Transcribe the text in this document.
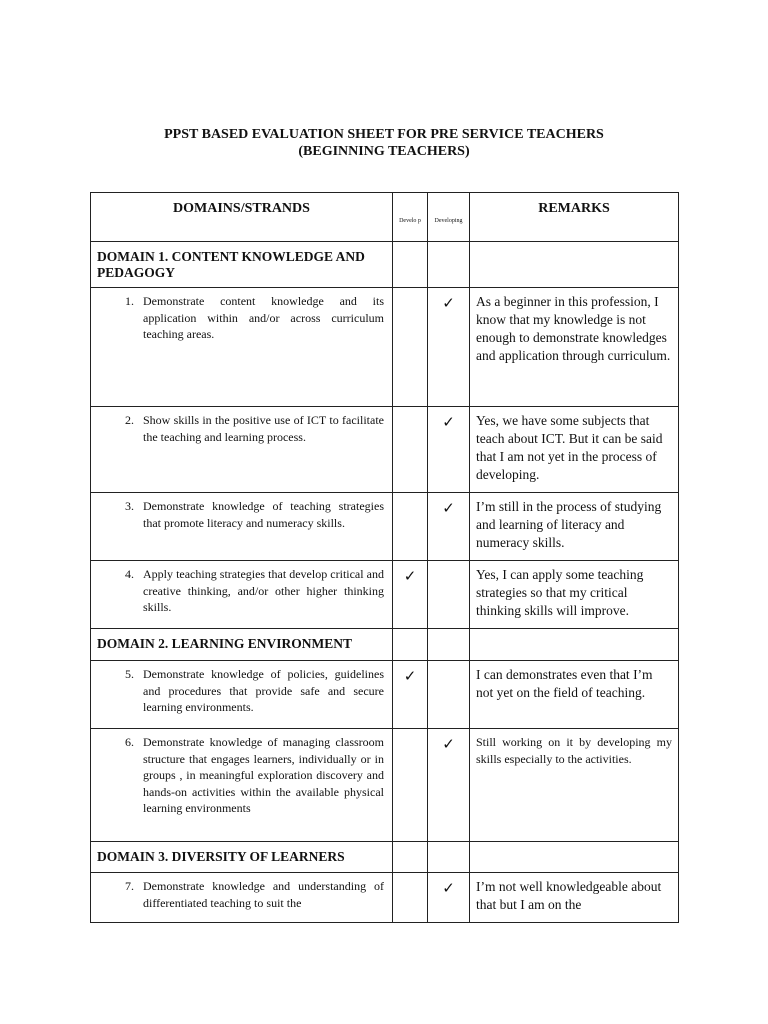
PPST BASED EVALUATION SHEET FOR PRE SERVICE TEACHERS
(BEGINNING TEACHERS)
DOMAINS/STRANDS	Develo p	Developing	REMARKS
DOMAIN 1. CONTENT KNOWLEDGE AND PEDAGOGY			

1. Demonstrate content knowledge and its application within and/or across curriculum teaching areas.		✓	As a beginner in this profession, I know that my knowledge is not enough to demonstrate knowledges and application through curriculum.

2. Show skills in the positive use of ICT to facilitate the teaching and learning process.		✓	Yes, we have some subjects that teach about ICT. But it can be said that I am not yet in the process of developing.

3. Demonstrate knowledge of teaching strategies that promote literacy and numeracy skills.		✓	I’m still in the process of studying and learning of literacy and numeracy skills.

4. Apply teaching strategies that develop critical and creative thinking, and/or other higher thinking skills.	✓		Yes, I can apply some teaching strategies so that my critical thinking skills will improve.
DOMAIN 2. LEARNING ENVIRONMENT			

5. Demonstrate knowledge of policies, guidelines and procedures that provide safe and secure learning environments.	✓		I can demonstrates even that I’m not yet on the field of teaching.

6. Demonstrate knowledge of managing classroom structure that engages learners, individually or in groups , in meaningful exploration discovery and hands-on activities within the available physical learning environments		✓	Still working on it by developing my skills especially to the activities.
DOMAIN 3. DIVERSITY OF LEARNERS			

7. Demonstrate knowledge and understanding of differentiated teaching to suit the		✓	I’m not well knowledgeable about that but I am on the
